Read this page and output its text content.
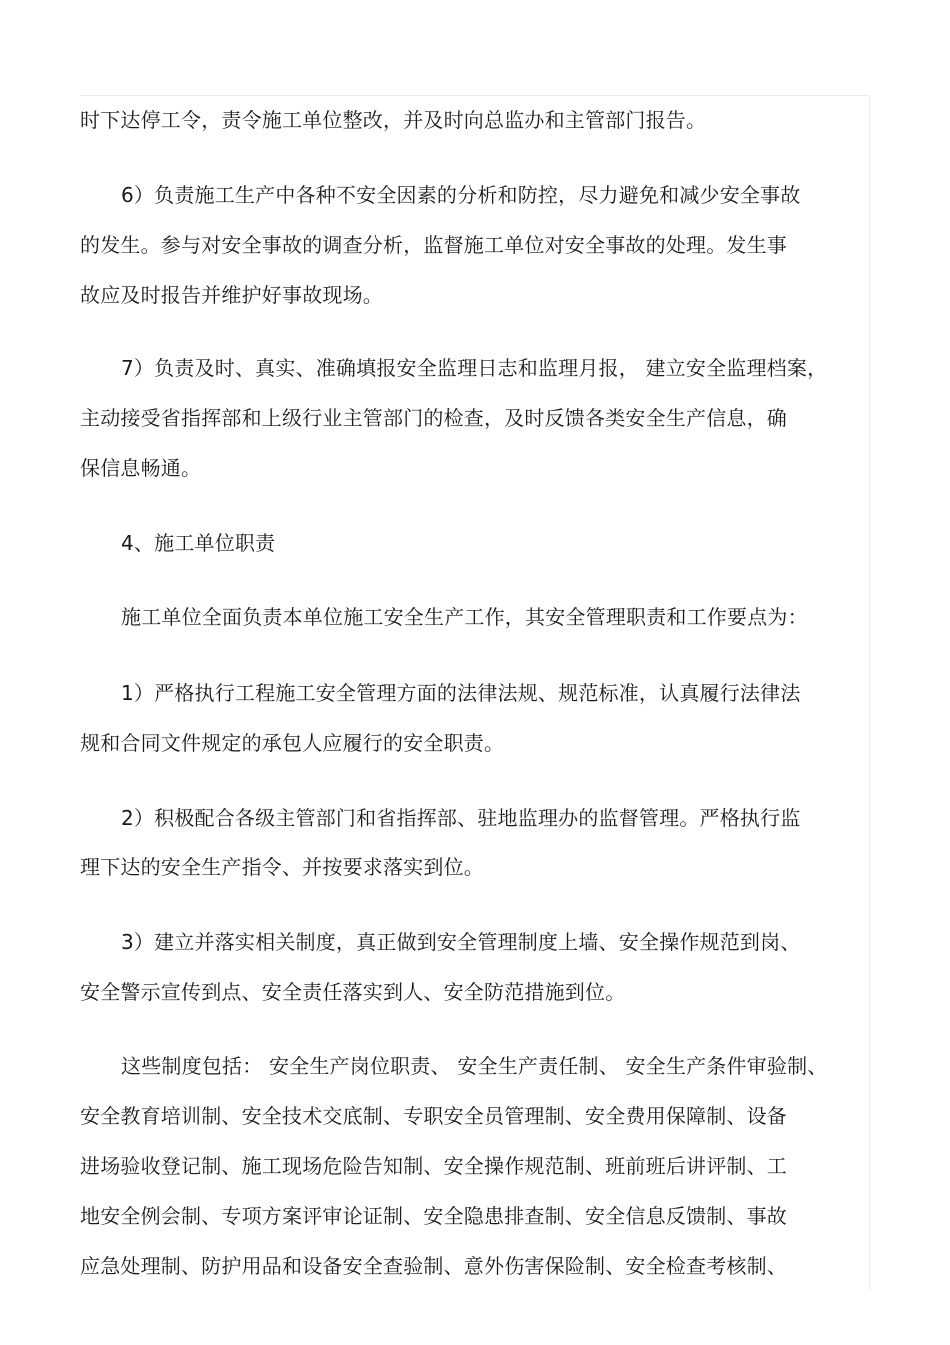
时下达停工令，责令施工单位整改，并及时向总监办和主管部门报告。
6）负责施工生产中各种不安全因素的分析和防控，尽力避免和减少安全事故
的发生。参与对安全事故的调查分析，监督施工单位对安全事故的处理。发生事
故应及时报告并维护好事故现场。
7）负责及时、真实、准确填报安全监理日志和监理月报， 建立安全监理档案，
主动接受省指挥部和上级行业主管部门的检查，及时反馈各类安全生产信息，确
保信息畅通。
4、施工单位职责
施工单位全面负责本单位施工安全生产工作，其安全管理职责和工作要点为：
1）严格执行工程施工安全管理方面的法律法规、规范标准，认真履行法律法
规和合同文件规定的承包人应履行的安全职责。
2）积极配合各级主管部门和省指挥部、驻地监理办的监督管理。严格执行监
理下达的安全生产指令、并按要求落实到位。
3）建立并落实相关制度，真正做到安全管理制度上墙、安全操作规范到岗、
安全警示宣传到点、安全责任落实到人、安全防范措施到位。
这些制度包括： 安全生产岗位职责、 安全生产责任制、 安全生产条件审验制、
安全教育培训制、安全技术交底制、专职安全员管理制、安全费用保障制、设备
进场验收登记制、施工现场危险告知制、安全操作规范制、班前班后讲评制、工
地安全例会制、专项方案评审论证制、安全隐患排查制、安全信息反馈制、事故
应急处理制、防护用品和设备安全查验制、意外伤害保险制、安全检查考核制、
